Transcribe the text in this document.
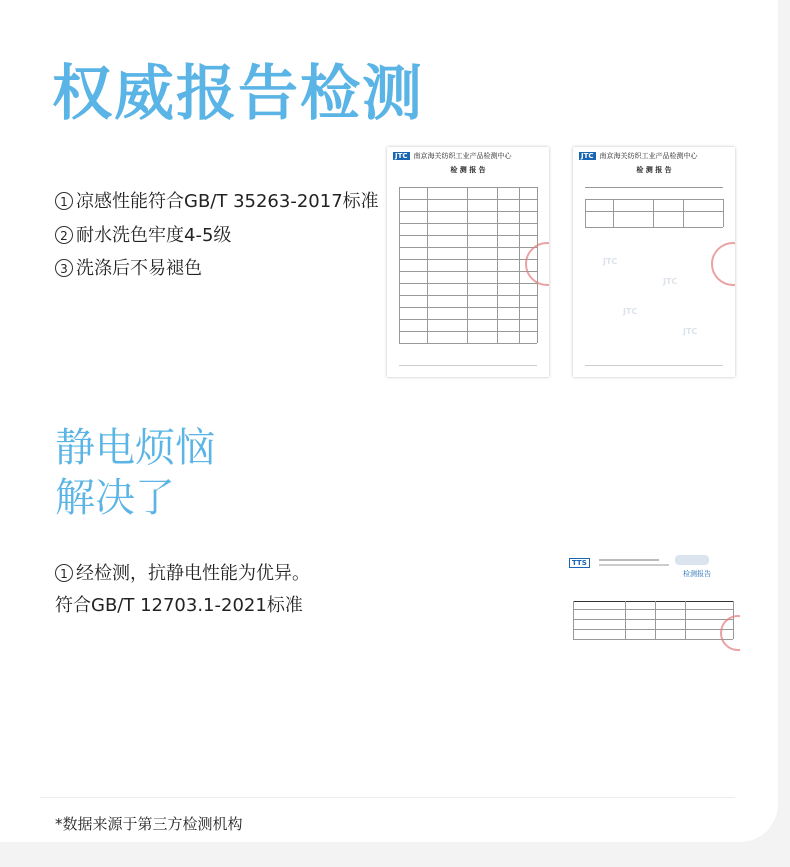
权威报告检测
1 凉感性能符合GB/T 35263-2017标准
2 耐水洗色牢度4-5级
3 洗涤后不易褪色
JTC 南京海关纺织工业产品检测中心
检 测 报 告
JTC 南京海关纺织工业产品检测中心
检 测 报 告
JTC
JTC
JTC
JTC
静电烦恼
解决了
1 经检测，抗静电性能为优异。
符合GB/T 12703.1-2021标准
TTS
检测报告
*数据来源于第三方检测机构
